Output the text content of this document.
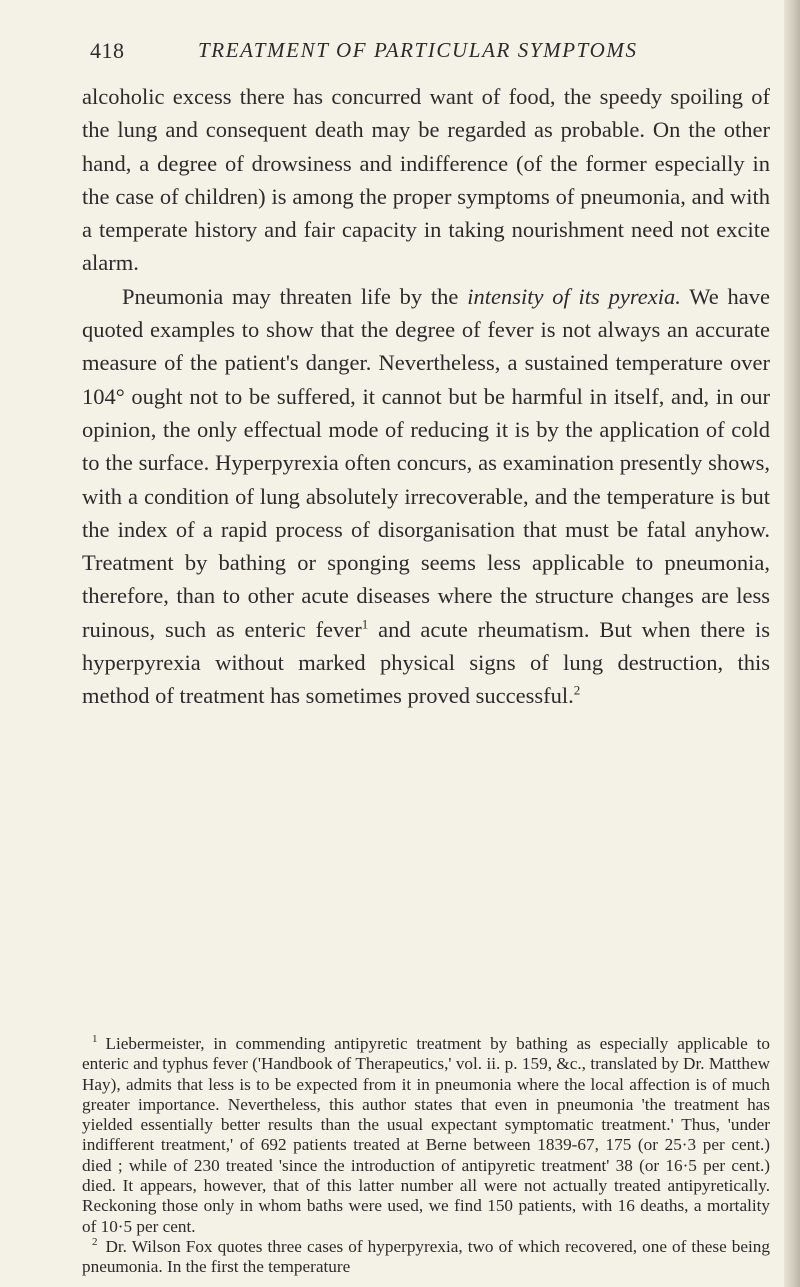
418	TREATMENT OF PARTICULAR SYMPTOMS

alcoholic excess there has concurred want of food, the speedy spoiling of the lung and consequent death may be regarded as probable. On the other hand, a degree of drowsiness and indifference (of the former especially in the case of children) is among the proper symptoms of pneumonia, and with a temperate history and fair capacity in taking nourishment need not excite alarm.

Pneumonia may threaten life by the intensity of its pyrexia. We have quoted examples to show that the degree of fever is not always an accurate measure of the patient's danger. Nevertheless, a sustained temperature over 104° ought not to be suffered, it cannot but be harmful in itself, and, in our opinion, the only effectual mode of reducing it is by the application of cold to the surface. Hyperpyrexia often concurs, as examination presently shows, with a condition of lung absolutely irrecoverable, and the temperature is but the index of a rapid process of disorganisation that must be fatal anyhow. Treatment by bathing or sponging seems less applicable to pneumonia, therefore, than to other acute diseases where the structure changes are less ruinous, such as enteric fever$^1$ and acute rheumatism. But when there is hyperpyrexia without marked physical signs of lung destruction, this method of treatment has sometimes proved successful.$^2$

$^1$ Liebermeister, in commending antipyretic treatment by bathing as especially applicable to enteric and typhus fever ('Handbook of Therapeutics,' vol. ii. p. 159, &c., translated by Dr. Matthew Hay), admits that less is to be expected from it in pneumonia where the local affection is of much greater importance. Nevertheless, this author states that even in pneumonia 'the treatment has yielded essentially better results than the usual expectant symptomatic treatment.' Thus, 'under indifferent treatment,' of 692 patients treated at Berne between 1839-67, 175 (or 25·3 per cent.) died ; while of 230 treated 'since the introduction of antipyretic treatment' 38 (or 16·5 per cent.) died. It appears, however, that of this latter number all were not actually treated antipyretically. Reckoning those only in whom baths were used, we find 150 patients, with 16 deaths, a mortality of 10·5 per cent.

$^2$ Dr. Wilson Fox quotes three cases of hyperpyrexia, two of which recovered, one of these being pneumonia. In the first the temperature
